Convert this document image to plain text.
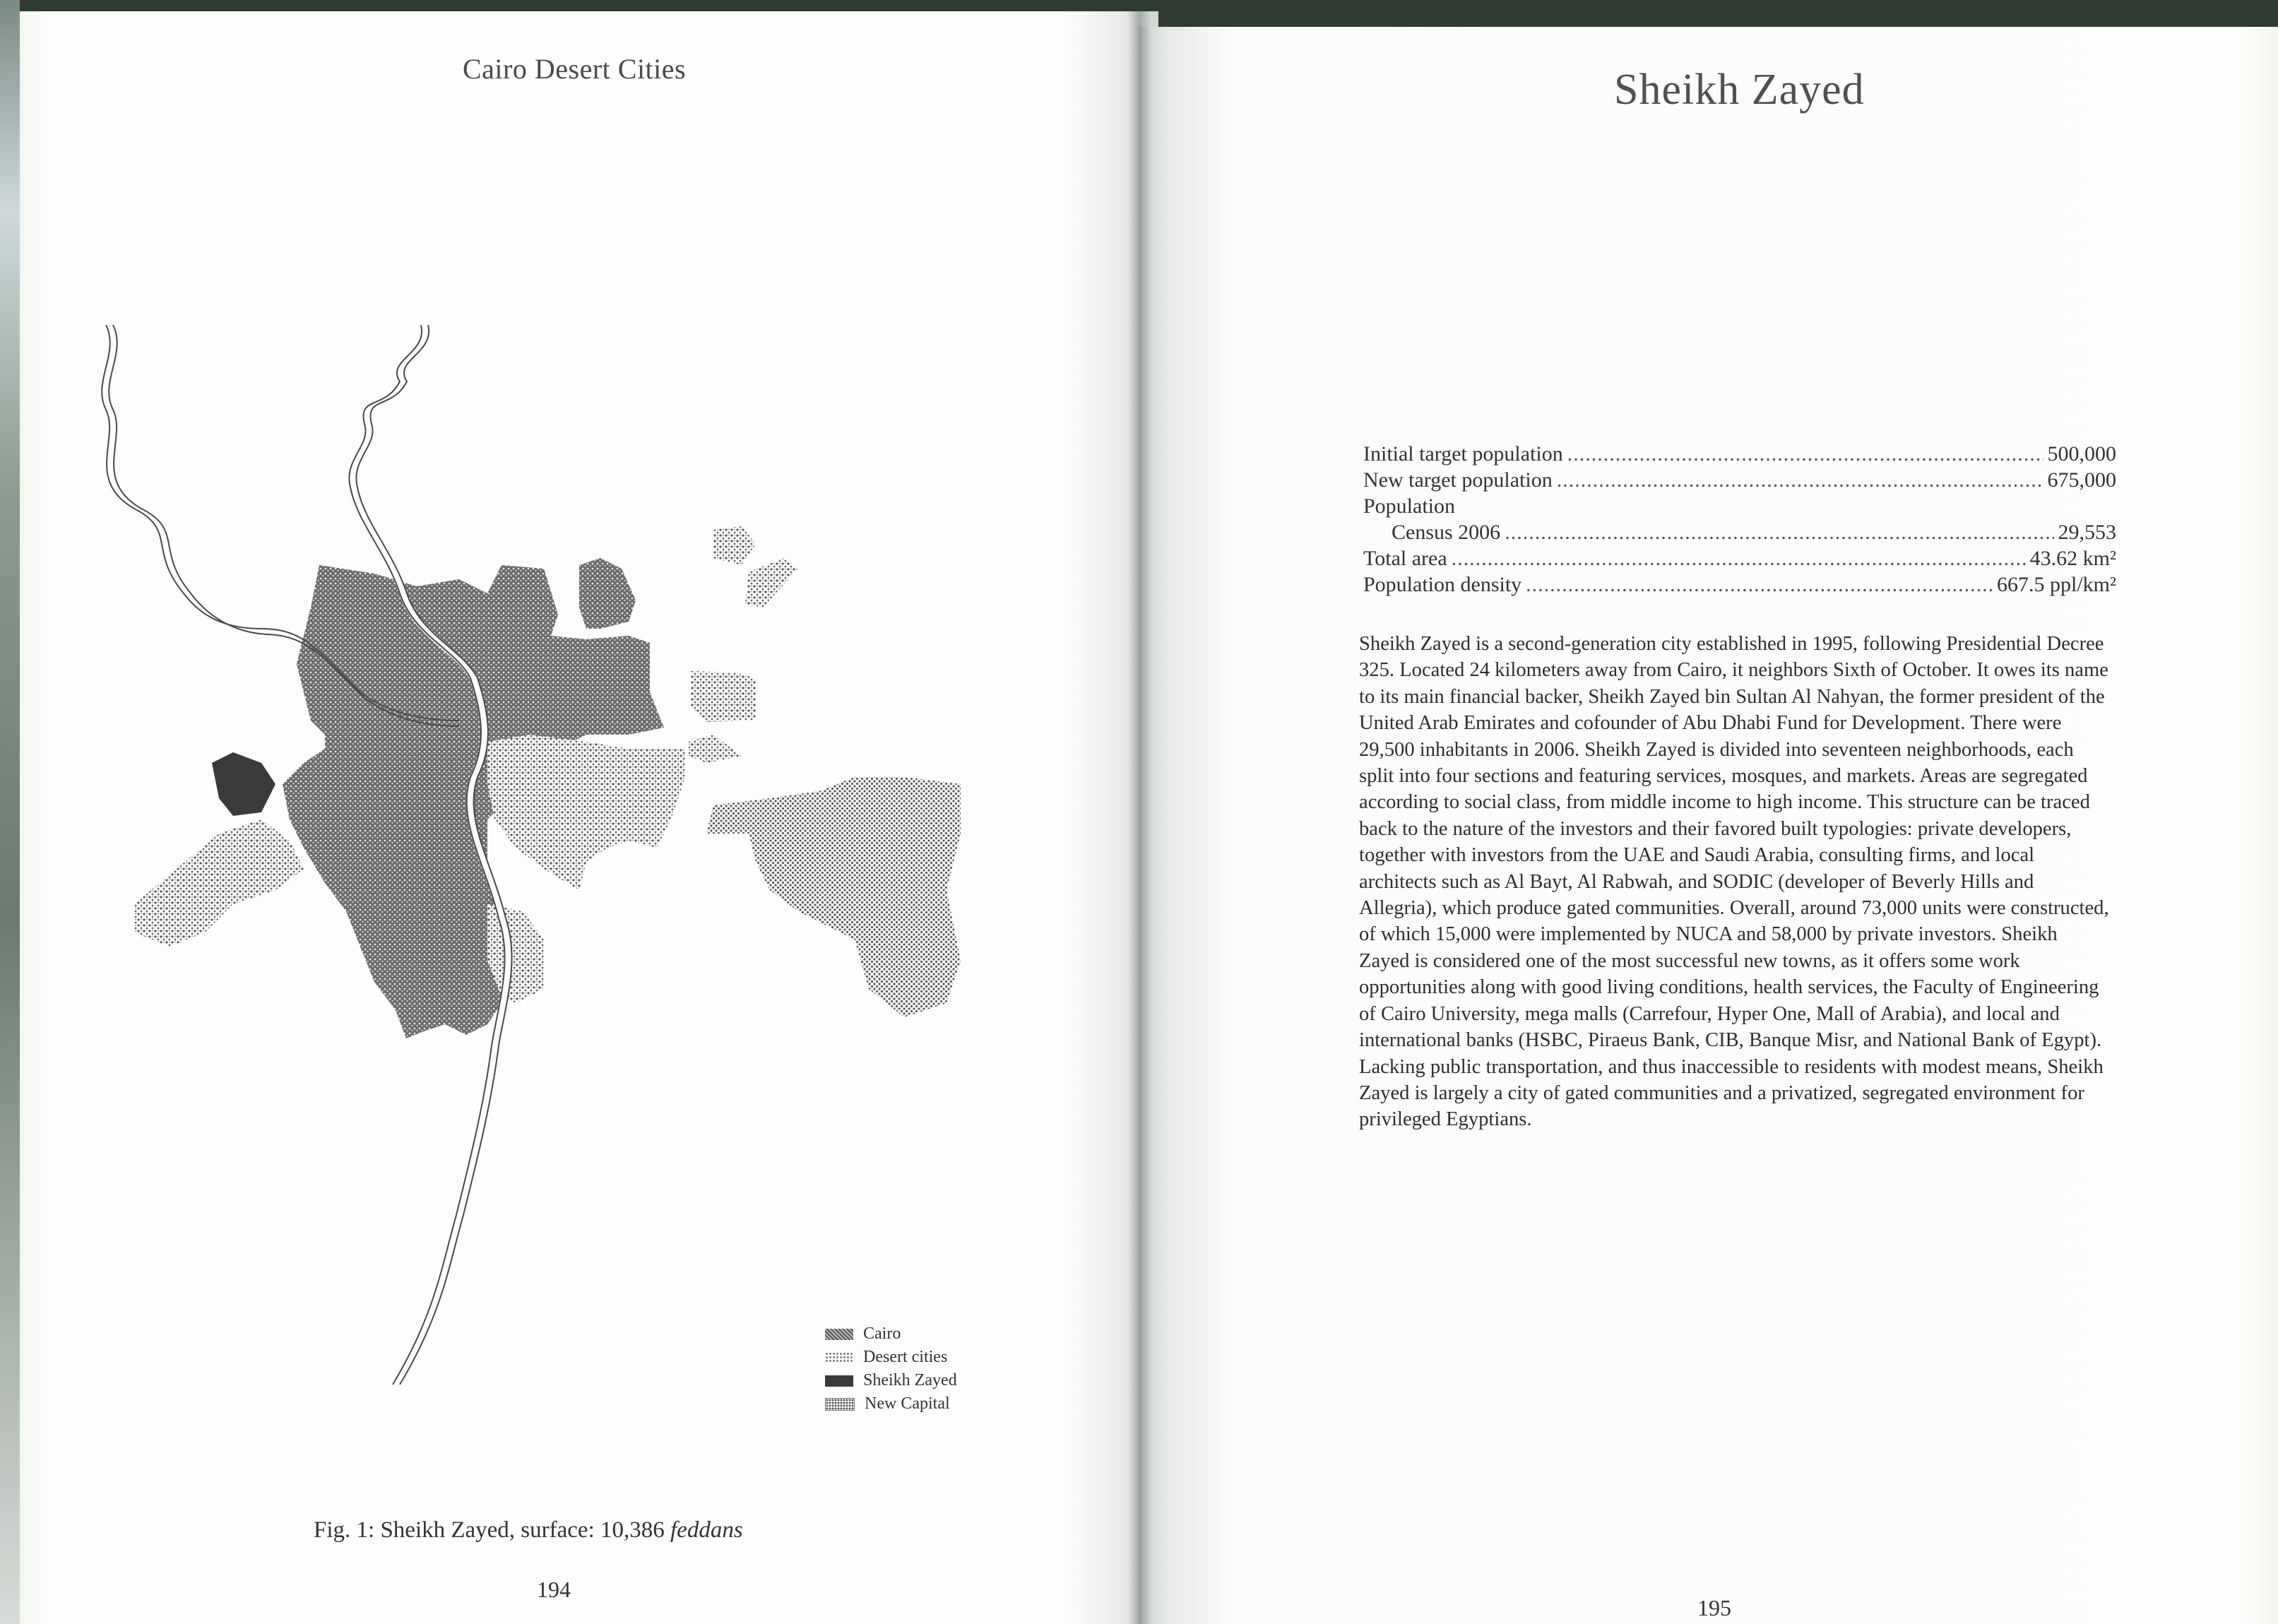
Cairo Desert Cities
Cairo
Desert cities
Sheikh Zayed
New Capital
Fig. 1: Sheikh Zayed, surface: 10,386 feddans
194
Sheikh Zayed
Initial target population .....	500,000
New target population .....	675,000
Population
Census 2006 .....	29,553
Total area .....	43.62 km²
Population density .....	667.5 ppl/km²
Sheikh Zayed is a second-generation city established in 1995, following Presidential Decree 325. Located 24 kilometers away from Cairo, it neighbors Sixth of October. It owes its name to its main financial backer, Sheikh Zayed bin Sultan Al Nahyan, the former president of the United Arab Emirates and cofounder of Abu Dhabi Fund for Development. There were 29,500 inhabitants in 2006. Sheikh Zayed is divided into seventeen neighborhoods, each split into four sections and featuring services, mosques, and markets. Areas are segregated according to social class, from middle income to high income. This structure can be traced back to the nature of the investors and their favored built typologies: private developers, together with investors from the UAE and Saudi Arabia, consulting firms, and local architects such as Al Bayt, Al Rabwah, and SODIC (developer of Beverly Hills and Allegria), which produce gated communities. Overall, around 73,000 units were constructed, of which 15,000 were implemented by NUCA and 58,000 by private investors. Sheikh Zayed is considered one of the most successful new towns, as it offers some work opportunities along with good living conditions, health services, the Faculty of Engineering of Cairo University, mega malls (Carrefour, Hyper One, Mall of Arabia), and local and international banks (HSBC, Piraeus Bank, CIB, Banque Misr, and National Bank of Egypt). Lacking public transportation, and thus inaccessible to residents with modest means, Sheikh Zayed is largely a city of gated communities and a privatized, segregated environment for privileged Egyptians.
195
